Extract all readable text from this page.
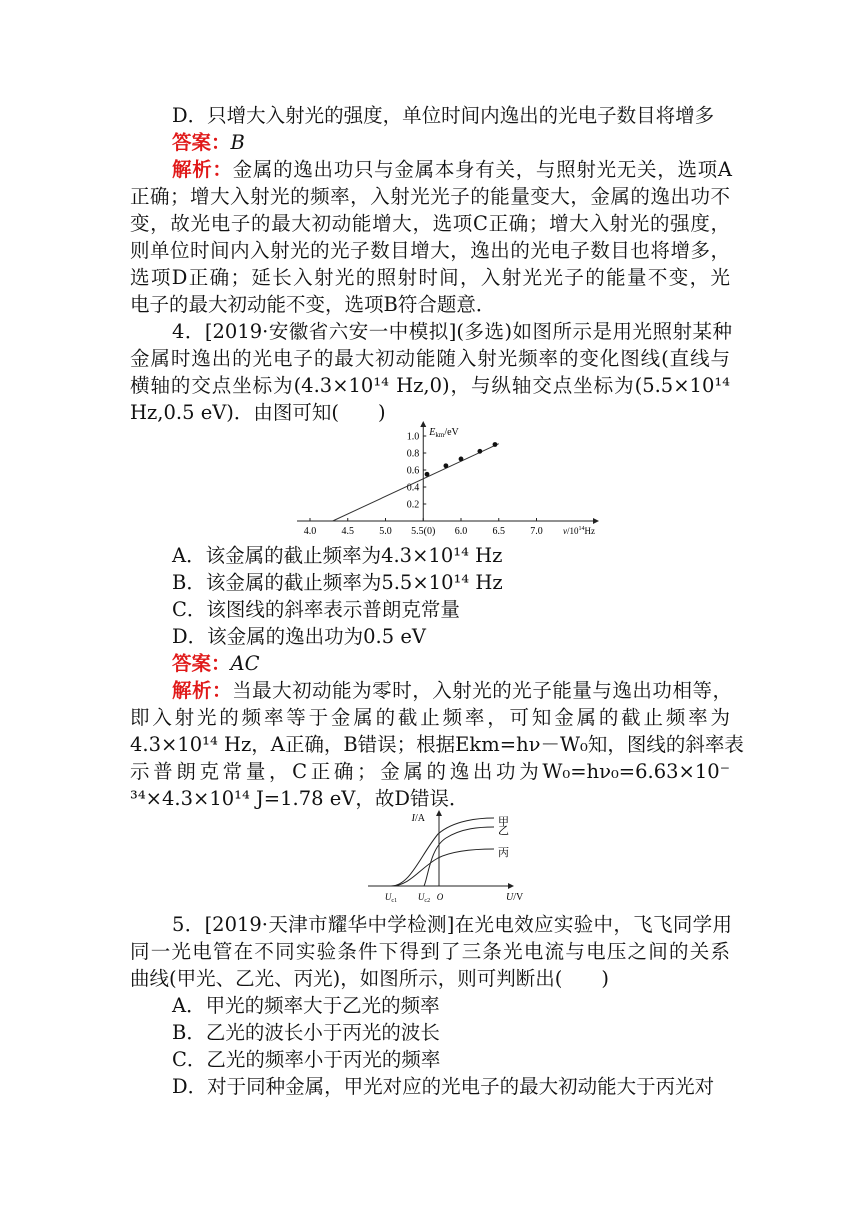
D．只增大入射光的强度，单位时间内逸出的光电子数目将增多
答案：B
解析：金属的逸出功只与金属本身有关，与照射光无关，选项A
正确；增大入射光的频率，入射光光子的能量变大，金属的逸出功不
变，故光电子的最大初动能增大，选项C正确；增大入射光的强度，
则单位时间内入射光的光子数目增大，逸出的光电子数目也将增多，
选项D正确；延长入射光的照射时间，入射光光子的能量不变，光
电子的最大初动能不变，选项B符合题意．
4．[2019·安徽省六安一中模拟](多选)如图所示是用光照射某种
金属时逸出的光电子的最大初动能随入射光频率的变化图线(直线与
横轴的交点坐标为(4.3×10¹⁴ Hz,0)，与纵轴交点坐标为(5.5×10¹⁴
Hz,0.5 eV)．由图可知(　　)
4.0	4.5	5.0 5.5(0) 6.0	6.5	7.0
0.2
0.4
0.6
0.8
1.0 $E_{km}/eV$
$\nu/10^{14}Hz$
A．该金属的截止频率为4.3×10¹⁴ Hz
B．该金属的截止频率为5.5×10¹⁴ Hz
C．该图线的斜率表示普朗克常量
D．该金属的逸出功为0.5 eV
答案：AC
解析：当最大初动能为零时，入射光的光子能量与逸出功相等，
即入射光的频率等于金属的截止频率，可知金属的截止频率为
4.3×10¹⁴ Hz，A正确，B错误；根据Ekm=hν－W₀知，图线的斜率表
示普朗克常量，C正确；金属的逸出功为W₀=hν₀=6.63×10⁻
³⁴×4.3×10¹⁴ J=1.78 eV，故D错误．
甲
乙
丙
I/A
U/V
$U_{c1}$ $U_{c2}$ O
5．[2019·天津市耀华中学检测]在光电效应实验中，飞飞同学用
同一光电管在不同实验条件下得到了三条光电流与电压之间的关系
曲线(甲光、乙光、丙光)，如图所示，则可判断出(　　)
A．甲光的频率大于乙光的频率
B．乙光的波长小于丙光的波长
C．乙光的频率小于丙光的频率
D．对于同种金属，甲光对应的光电子的最大初动能大于丙光对
